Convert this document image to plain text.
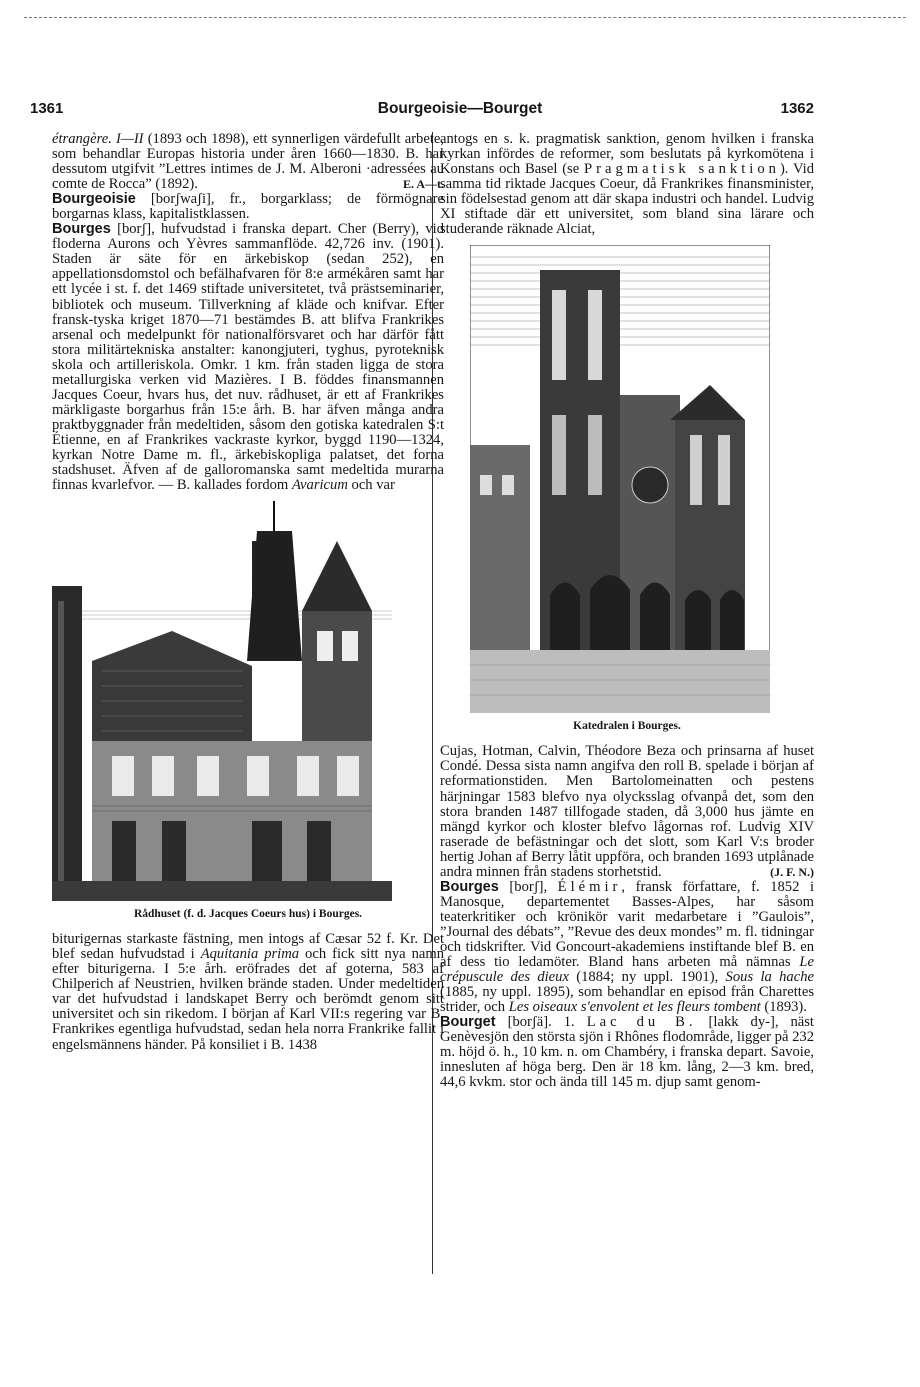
1361	Bourgeoisie—Bourget	1362

étrangère. I—II (1893 och 1898), ett synnerligen värdefullt arbete, som behandlar Europas historia under åren 1660—1830. B. har dessutom utgifvit ”Lettres intimes de J. M. Alberoni ·adressées au comte de Rocca” (1892).	E. A—t.

Bourgeoisie [borʃwaʃi], fr., borgarklass; de förmögnare borgarnas klass, kapitalistklassen.

Bourges [borʃ], hufvudstad i franska depart. Cher (Berry), vid floderna Aurons och Yèvres sammanflöde. 42,726 inv. (1901). Staden är säte för en ärkebiskop (sedan 252), en appellationsdomstol och befälhafvaren för 8:e armékåren samt har ett lycée i st. f. det 1469 stiftade universitetet, två prästseminarier, bibliotek och museum. Tillverkning af kläde och knifvar. Efter fransk-tyska kriget 1870—71 bestämdes B. att blifva Frankrikes arsenal och medelpunkt för nationalförsvaret och har därför fått stora militärtekniska anstalter: kanongjuteri, tyghus, pyroteknisk skola och artilleriskola. Omkr. 1 km. från staden ligga de stora metallurgiska verken vid Mazières. I B. föddes finansmannen Jacques Coeur, hvars hus, det nuv. rådhuset, är ett af Frankrikes märkligaste borgarhus från 15:e årh. B. har äfven många andra praktbyggnader från medeltiden, såsom den gotiska katedralen S:t Étienne, en af Frankrikes vackraste kyrkor, byggd 1190—1324, kyrkan Notre Dame m. fl., ärkebiskopliga palatset, det forna stadshuset. Äfven af de galloromanska samt medeltida murarna finnas kvarlefvor. — B. kallades fordom Avaricum och var

Rådhuset (f. d. Jacques Coeurs hus) i Bourges.

biturigernas starkaste fästning, men intogs af Cæsar 52 f. Kr. Det blef sedan hufvudstad i Aquitania prima och fick sitt nya namn efter biturigerna. I 5:e årh. eröfrades det af goterna, 583 af Chilperich af Neustrien, hvilken brände staden. Under medeltiden var det hufvudstad i landskapet Berry och berömdt genom sitt universitet och sin rikedom. I början af Karl VII:s regering var B. Frankrikes egentliga hufvudstad, sedan hela norra Frankrike fallit i engelsmännens händer. På konsiliet i B. 1438

antogs en s. k. pragmatisk sanktion, genom hvilken i franska kyrkan infördes de reformer, som beslutats på kyrkomötena i Konstans och Basel (se Pragmatisk sanktion). Vid samma tid riktade Jacques Coeur, då Frankrikes finansminister, sin födelsestad genom att där skapa industri och handel. Ludvig XI stiftade där ett universitet, som bland sina lärare och studerande räknade Alciat,

Katedralen i Bourges.

Cujas, Hotman, Calvin, Théodore Beza och prinsarna af huset Condé. Dessa sista namn angifva den roll B. spelade i början af reformationstiden. Men Bartolomeinatten och pestens härjningar 1583 blefvo nya olycksslag ofvanpå det, som den stora branden 1487 tillfogade staden, då 3,000 hus jämte en mängd kyrkor och kloster blefvo lågornas rof. Ludvig XIV raserade de befästningar och det slott, som Karl V:s broder hertig Johan af Berry låtit uppföra, och branden 1693 utplånade andra minnen från stadens storhetstid.	(J. F. N.)

Bourges [borʃ], Élémir, fransk författare, f. 1852 i Manosque, departementet Basses-Alpes, har såsom teaterkritiker och krönikör varit medarbetare i ”Gaulois”, ”Journal des débats”, ”Revue des deux mondes” m. fl. tidningar och tidskrifter. Vid Goncourt-akademiens instiftande blef B. en af dess tio ledamöter. Bland hans arbeten må nämnas Le crépuscule des dieux (1884; ny uppl. 1901), Sous la hache (1885, ny uppl. 1895), som behandlar en episod från Charettes strider, och Les oiseaux s'envolent et les fleurs tombent (1893).

Bourget [borʃä]. 1. Lac du B. [lakk dy-], näst Genèvesjön den största sjön i Rhônes flodområde, ligger på 232 m. höjd ö. h., 10 km. n. om Chambéry, i franska depart. Savoie, innesluten af höga berg. Den är 18 km. lång, 2—3 km. bred, 44,6 kvkm. stor och ända till 145 m. djup samt genom-
